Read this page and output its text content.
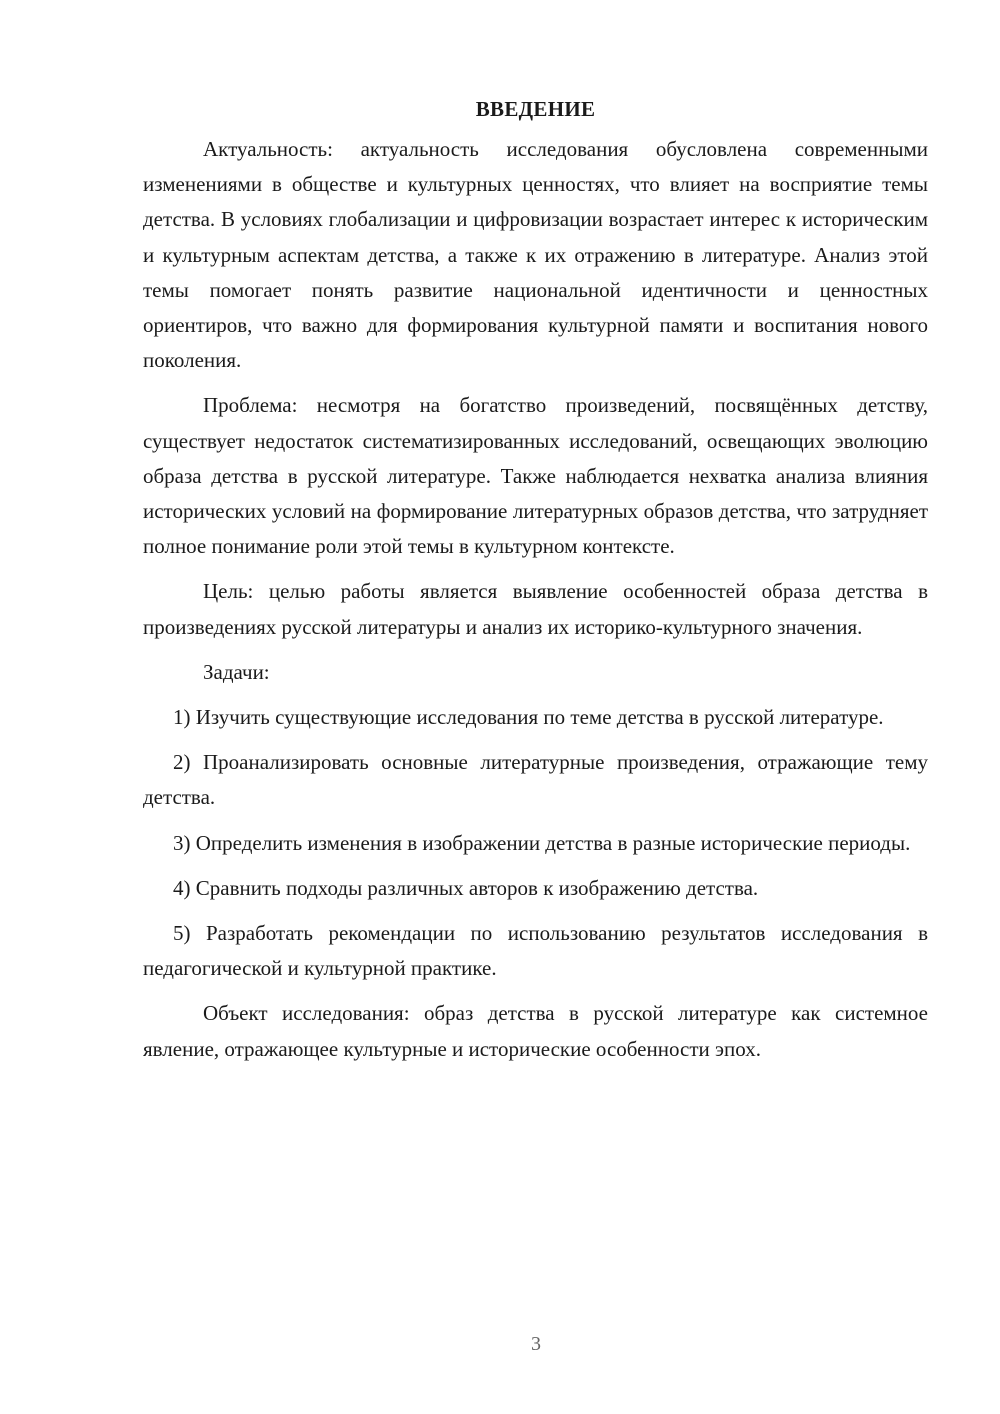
ВВЕДЕНИЕ

Актуальность: актуальность исследования обусловлена современными изменениями в обществе и культурных ценностях, что влияет на восприятие темы детства. В условиях глобализации и цифровизации возрастает интерес к историческим и культурным аспектам детства, а также к их отражению в литературе. Анализ этой темы помогает понять развитие национальной идентичности и ценностных ориентиров, что важно для формирования культурной памяти и воспитания нового поколения.

Проблема: несмотря на богатство произведений, посвящённых детству, существует недостаток систематизированных исследований, освещающих эволюцию образа детства в русской литературе. Также наблюдается нехватка анализа влияния исторических условий на формирование литературных образов детства, что затрудняет полное понимание роли этой темы в культурном контексте.

Цель: целью работы является выявление особенностей образа детства в произведениях русской литературы и анализ их историко-культурного значения.

Задачи:

1) Изучить существующие исследования по теме детства в русской литературе.

2) Проанализировать основные литературные произведения, отражающие тему детства.

3) Определить изменения в изображении детства в разные исторические периоды.

4) Сравнить подходы различных авторов к изображению детства.

5) Разработать рекомендации по использованию результатов исследования в педагогической и культурной практике.

Объект исследования: образ детства в русской литературе как системное явление, отражающее культурные и исторические особенности эпох.

3
